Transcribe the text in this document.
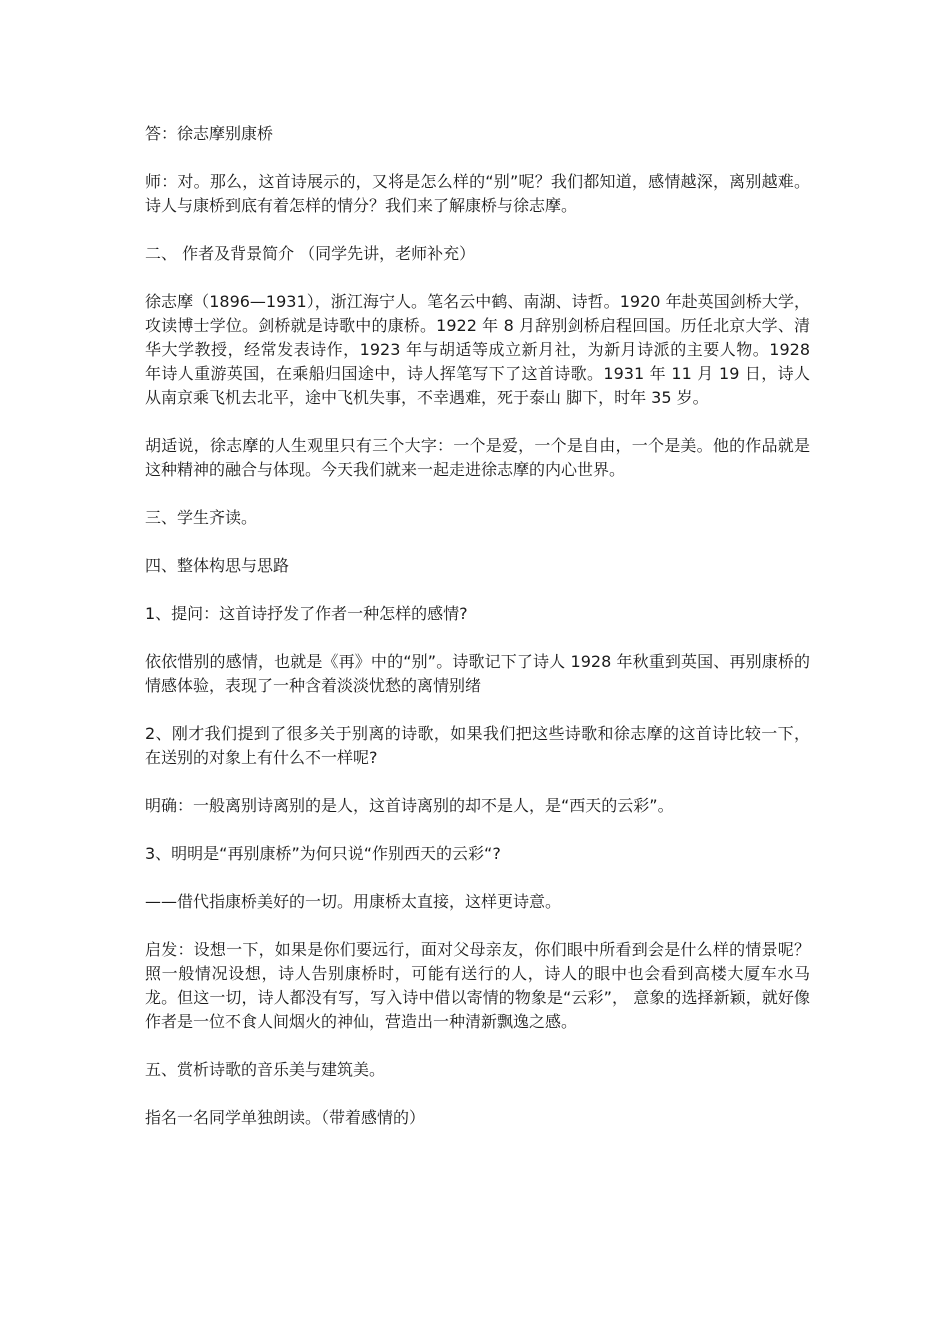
答：徐志摩别康桥

师：对。那么，这首诗展示的，又将是怎么样的“别”呢？我们都知道，感情越深，离别越难。诗人与康桥到底有着怎样的情分？我们来了解康桥与徐志摩。

二、 作者及背景简介 （同学先讲，老师补充）

徐志摩（1896—1931），浙江海宁人。笔名云中鹤、南湖、诗哲。1920 年赴英国剑桥大学，攻读博士学位。剑桥就是诗歌中的康桥。1922 年 8 月辞别剑桥启程回国。历任北京大学、清华大学教授，经常发表诗作，1923 年与胡适等成立新月社，为新月诗派的主要人物。1928 年诗人重游英国，在乘船归国途中，诗人挥笔写下了这首诗歌。1931 年 11 月 19 日，诗人从南京乘飞机去北平，途中飞机失事，不幸遇难，死于泰山 脚下，时年 35 岁。

胡适说，徐志摩的人生观里只有三个大字：一个是爱，一个是自由，一个是美。他的作品就是这种精神的融合与体现。今天我们就来一起走进徐志摩的内心世界。

三、学生齐读。

四、整体构思与思路

1、提问：这首诗抒发了作者一种怎样的感情?

依依惜别的感情，也就是《再》中的“别”。诗歌记下了诗人 1928 年秋重到英国、再别康桥的情感体验，表现了一种含着淡淡忧愁的离情别绪

2、刚才我们提到了很多关于别离的诗歌，如果我们把这些诗歌和徐志摩的这首诗比较一下，在送别的对象上有什么不一样呢?

明确：一般离别诗离别的是人，这首诗离别的却不是人，是“西天的云彩”。

3、明明是“再别康桥”为何只说“作别西天的云彩“?

——借代指康桥美好的一切。用康桥太直接，这样更诗意。

启发：设想一下，如果是你们要远行，面对父母亲友，你们眼中所看到会是什么样的情景呢？照一般情况设想，诗人告别康桥时，可能有送行的人，诗人的眼中也会看到高楼大厦车水马龙。但这一切，诗人都没有写，写入诗中借以寄情的物象是“云彩”， 意象的选择新颖，就好像作者是一位不食人间烟火的神仙，营造出一种清新飘逸之感。

五、赏析诗歌的音乐美与建筑美。

指名一名同学单独朗读。（带着感情的）
